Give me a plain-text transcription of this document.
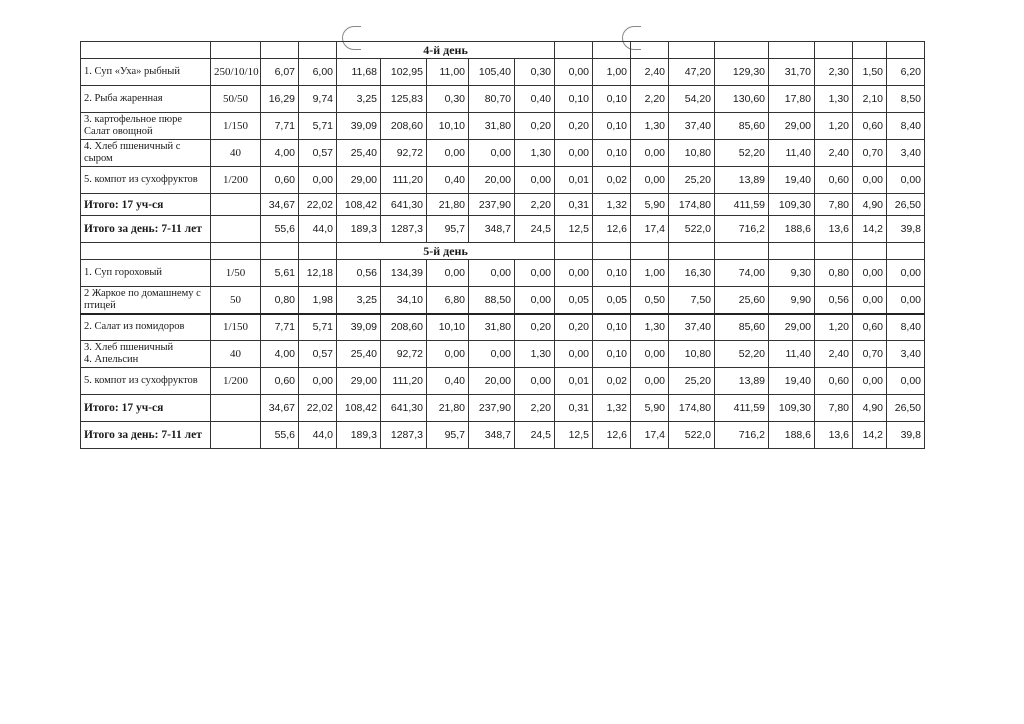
				4-й день													
1. Суп «Уха» рыбный	250/10/10	6,07	6,00	11,68	102,95	11,00	105,40	0,30	0,00	1,00	2,40	47,20	129,30	31,70	2,30	1,50	6,20
2. Рыба жаренная	50/50	16,29	9,74	3,25	125,83	0,30	80,70	0,40	0,10	0,10	2,20	54,20	130,60	17,80	1,30	2,10	8,50
3. картофельное пюре
Салат овощной	1/150	7,71	5,71	39,09	208,60	10,10	31,80	0,20	0,20	0,10	1,30	37,40	85,60	29,00	1,20	0,60	8,40
4. Хлеб пшеничный с сыром	40	4,00	0,57	25,40	92,72	0,00	0,00	1,30	0,00	0,10	0,00	10,80	52,20	11,40	2,40	0,70	3,40
5. компот из сухофруктов	1/200	0,60	0,00	29,00	111,20	0,40	20,00	0,00	0,01	0,02	0,00	25,20	13,89	19,40	0,60	0,00	0,00
Итого: 17 уч-ся		34,67	22,02	108,42	641,30	21,80	237,90	2,20	0,31	1,32	5,90	174,80	411,59	109,30	7,80	4,90	26,50
Итого за день: 7-11 лет		55,6	44,0	189,3	1287,3	95,7	348,7	24,5	12,5	12,6	17,4	522,0	716,2	188,6	13,6	14,2	39,8
				5-й день													
1. Суп гороховый	1/50	5,61	12,18	0,56	134,39	0,00	0,00	0,00	0,00	0,10	1,00	16,30	74,00	9,30	0,80	0,00	0,00
2 Жаркое по домашнему с птицей	50	0,80	1,98	3,25	34,10	6,80	88,50	0,00	0,05	0,05	0,50	7,50	25,60	9,90	0,56	0,00	0,00
2. Салат из помидоров	1/150	7,71	5,71	39,09	208,60	10,10	31,80	0,20	0,20	0,10	1,30	37,40	85,60	29,00	1,20	0,60	8,40
3. Хлеб пшеничный
4. Апельсин	40	4,00	0,57	25,40	92,72	0,00	0,00	1,30	0,00	0,10	0,00	10,80	52,20	11,40	2,40	0,70	3,40
5. компот из сухофруктов	1/200	0,60	0,00	29,00	111,20	0,40	20,00	0,00	0,01	0,02	0,00	25,20	13,89	19,40	0,60	0,00	0,00
Итого: 17 уч-ся		34,67	22,02	108,42	641,30	21,80	237,90	2,20	0,31	1,32	5,90	174,80	411,59	109,30	7,80	4,90	26,50
Итого за день: 7-11 лет		55,6	44,0	189,3	1287,3	95,7	348,7	24,5	12,5	12,6	17,4	522,0	716,2	188,6	13,6	14,2	39,8
